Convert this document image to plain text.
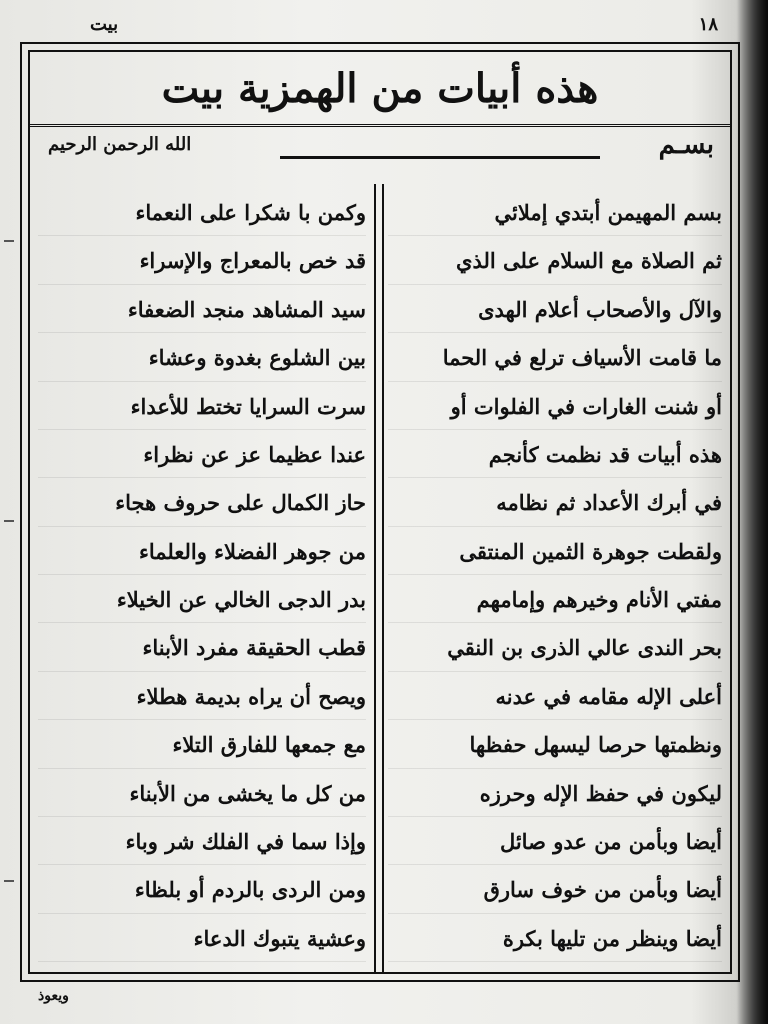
بيت	١٨
هذه أبيات من الهمزية بيت
بسـم
الله الرحمن الرحيم
بسم المهيمن أبتدي إملائي
ثم الصلاة مع السلام على الذي
والآل والأصحاب أعلام الهدى
ما قامت الأسياف ترلع في الحما
أو شنت الغارات في الفلوات أو
هذه أبيات قد نظمت كأنجم
في أبرك الأعداد ثم نظامه
ولقطت جوهرة الثمين المنتقى
مفتي الأنام وخيرهم وإمامهم
بحر الندى عالي الذرى بن النقي
أعلى الإله مقامه في عدنه
ونظمتها حرصا ليسهل حفظها
ليكون في حفظ الإله وحرزه
أيضا وبأمن من عدو صائل
أيضا وبأمن من خوف سارق
أيضا وينظر من تليها بكرة
وكمن با شكرا على النعماء
قد خص بالمعراج والإسراء
سيد المشاهد منجد الضعفاء
بين الشلوع بغدوة وعشاء
سرت السرايا تختط للأعداء
عندا عظيما عز عن نظراء
حاز الكمال على حروف هجاء
من جوهر الفضلاء والعلماء
بدر الدجى الخالي عن الخيلاء
قطب الحقيقة مفرد الأبناء
ويصح أن يراه بديمة هطلاء
مع جمعها للفارق التلاء
من كل ما يخشى من الأبناء
وإذا سما في الفلك شر وباء
ومن الردى بالردم أو بلظاء
وعشية يتبوك الدعاء
ويعوذ
